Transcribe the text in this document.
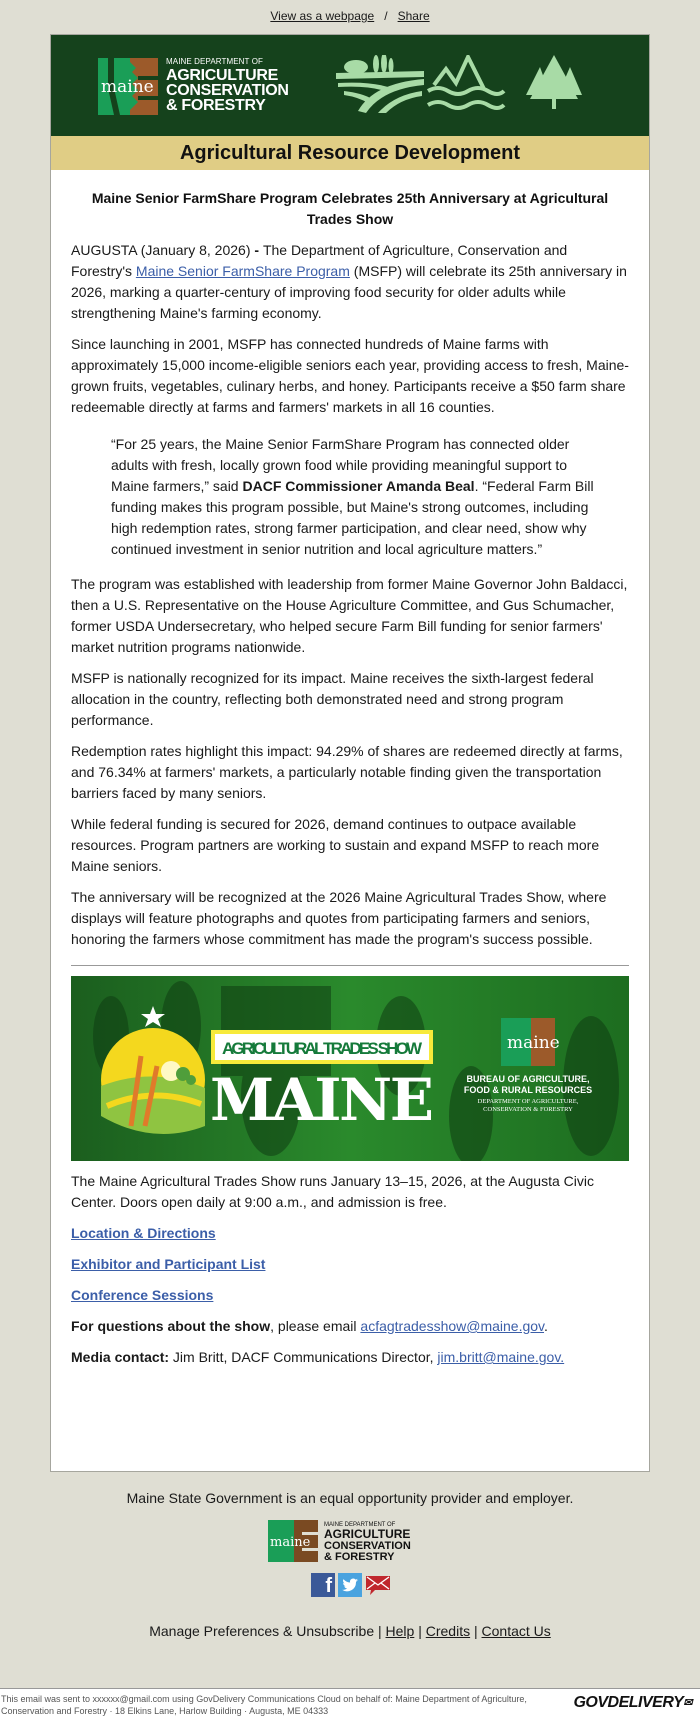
View as a webpage / Share
maine
MAINE DEPARTMENT OF
AGRICULTURE
CONSERVATION
& FORESTRY
Agricultural Resource Development
Maine Senior FarmShare Program Celebrates 25th Anniversary at Agricultural Trades Show

AUGUSTA (January 8, 2026) - The Department of Agriculture, Conservation and Forestry's Maine Senior FarmShare Program (MSFP) will celebrate its 25th anniversary in 2026, marking a quarter-century of improving food security for older adults while strengthening Maine's farming economy.

Since launching in 2001, MSFP has connected hundreds of Maine farms with approximately 15,000 income-eligible seniors each year, providing access to fresh, Maine-grown fruits, vegetables, culinary herbs, and honey. Participants receive a $50 farm share redeemable directly at farms and farmers' markets in all 16 counties.

“For 25 years, the Maine Senior FarmShare Program has connected older adults with fresh, locally grown food while providing meaningful support to Maine farmers,” said DACF Commissioner Amanda Beal. “Federal Farm Bill funding makes this program possible, but Maine's strong outcomes, including high redemption rates, strong farmer participation, and clear need, show why continued investment in senior nutrition and local agriculture matters.”

The program was established with leadership from former Maine Governor John Baldacci, then a U.S. Representative on the House Agriculture Committee, and Gus Schumacher, former USDA Undersecretary, who helped secure Farm Bill funding for senior farmers' market nutrition programs nationwide.

MSFP is nationally recognized for its impact. Maine receives the sixth-largest federal allocation in the country, reflecting both demonstrated need and strong program performance.

Redemption rates highlight this impact: 94.29% of shares are redeemed directly at farms, and 76.34% at farmers' markets, a particularly notable finding given the transportation barriers faced by many seniors.

While federal funding is secured for 2026, demand continues to outpace available resources. Program partners are working to sustain and expand MSFP to reach more Maine seniors.

The anniversary will be recognized at the 2026 Maine Agricultural Trades Show, where displays will feature photographs and quotes from participating farmers and seniors, honoring the farmers whose commitment has made the program's success possible.

AGRICULTURAL TRADES SHOW
MAINE
maine
BUREAU OF AGRICULTURE,
FOOD & RURAL RESOURCES
DEPARTMENT OF AGRICULTURE,
CONSERVATION & FORESTRY

The Maine Agricultural Trades Show runs January 13–15, 2026, at the Augusta Civic Center. Doors open daily at 9:00 a.m., and admission is free.

Location & Directions

Exhibitor and Participant List

Conference Sessions

For questions about the show, please email acfagtradesshow@maine.gov.

Media contact: Jim Britt, DACF Communications Director, jim.britt@maine.gov.

Maine State Government is an equal opportunity provider and employer.
maine
MAINE DEPARTMENT OF
AGRICULTURE
CONSERVATION
& FORESTRY
f
Manage Preferences & Unsubscribe | Help | Credits | Contact Us
This email was sent to xxxxxx@gmail.com using GovDelivery Communications Cloud on behalf of: Maine Department of Agriculture,
Conservation and Forestry · 18 Elkins Lane, Harlow Building · Augusta, ME 04333	GOVDELIVERY✉
